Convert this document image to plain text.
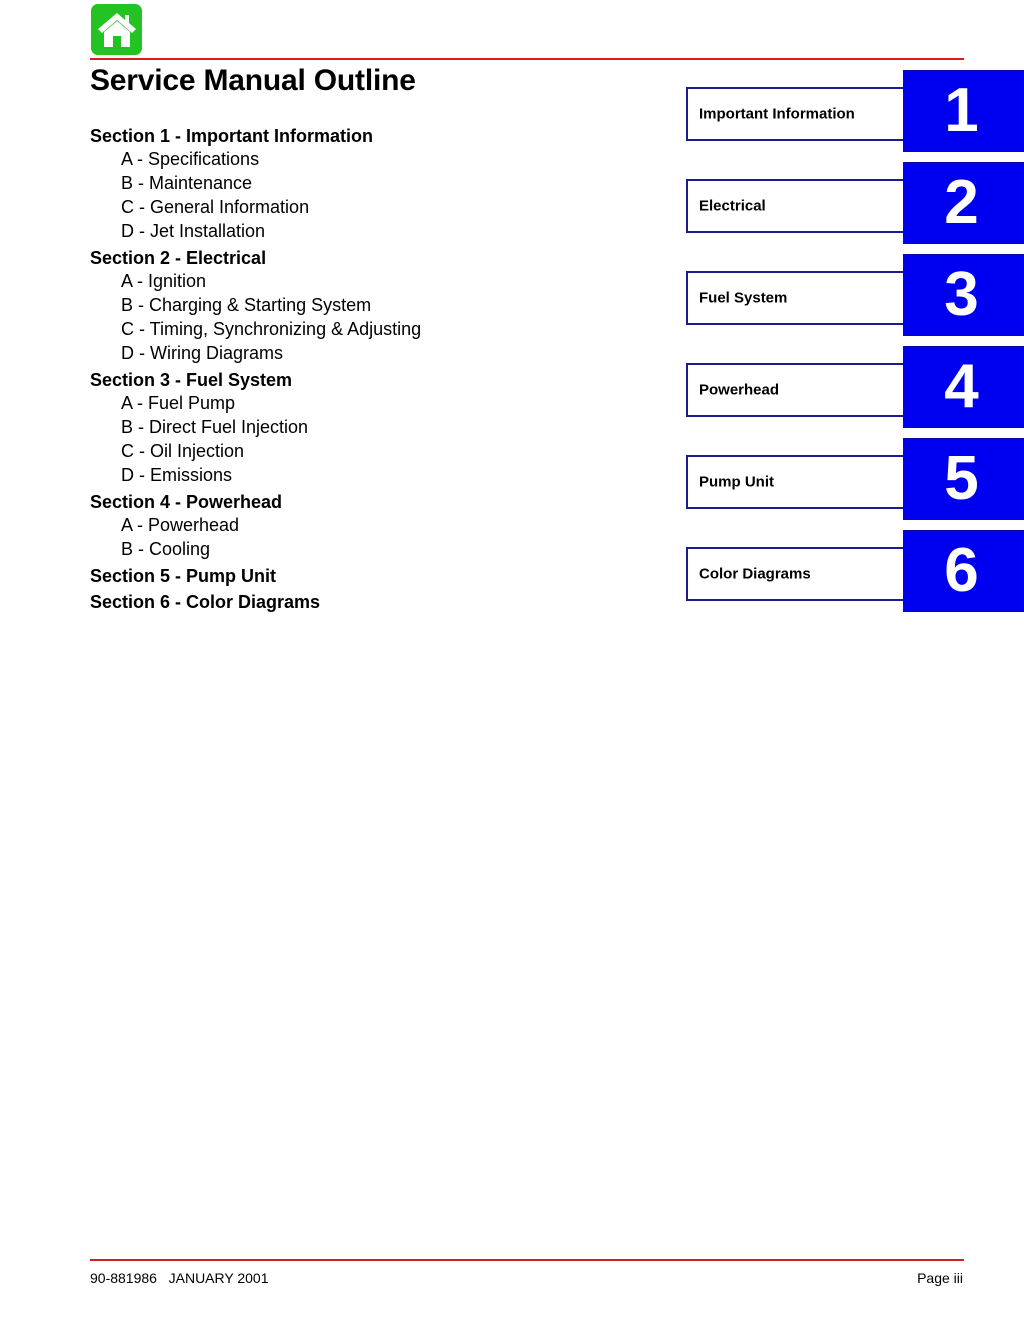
Service Manual Outline
Section 1 - Important Information
A - Specifications
B - Maintenance
C - General Information
D - Jet Installation
Section 2 - Electrical
A - Ignition
B - Charging & Starting System
C - Timing, Synchronizing & Adjusting
D - Wiring Diagrams
Section 3 - Fuel System
A - Fuel Pump
B - Direct Fuel Injection
C - Oil Injection
D - Emissions
Section 4 - Powerhead
A - Powerhead
B - Cooling
Section 5 - Pump Unit
Section 6 - Color Diagrams
Important Information 1
Electrical	2
Fuel System	3
Powerhead	4
Pump Unit	5
Color Diagrams 6
90-881986   JANUARY 2001	Page iii
